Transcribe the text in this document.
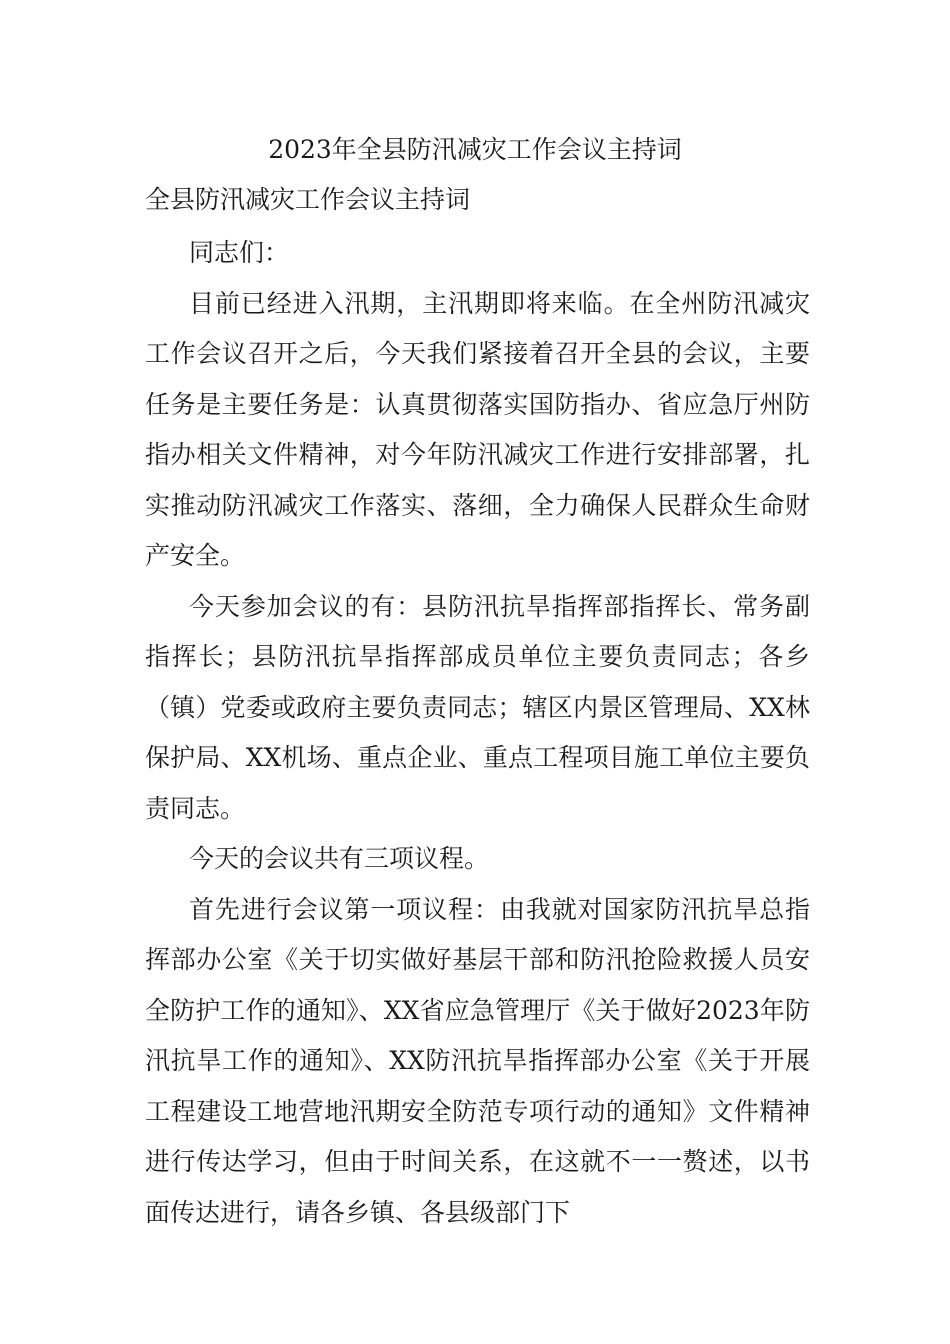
2023年全县防汛减灾工作会议主持词
全县防汛减灾工作会议主持词

同志们：

目前已经进入汛期，主汛期即将来临。在全州防汛减灾工作会议召开之后，今天我们紧接着召开全县的会议，主要任务是主要任务是：认真贯彻落实国防指办、省应急厅州防指办相关文件精神，对今年防汛减灾工作进行安排部署，扎实推动防汛减灾工作落实、落细，全力确保人民群众生命财产安全。

今天参加会议的有：县防汛抗旱指挥部指挥长、常务副指挥长；县防汛抗旱指挥部成员单位主要负责同志；各乡（镇）党委或政府主要负责同志；辖区内景区管理局、XX林保护局、XX机场、重点企业、重点工程项目施工单位主要负责同志。

今天的会议共有三项议程。

首先进行会议第一项议程：由我就对国家防汛抗旱总指挥部办公室《关于切实做好基层干部和防汛抢险救援人员安全防护工作的通知》、XX省应急管理厅《关于做好2023年防汛抗旱工作的通知》、XX防汛抗旱指挥部办公室《关于开展工程建设工地营地汛期安全防范专项行动的通知》文件精神进行传达学习，但由于时间关系，在这就不一一赘述，以书面传达进行，请各乡镇、各县级部门下
